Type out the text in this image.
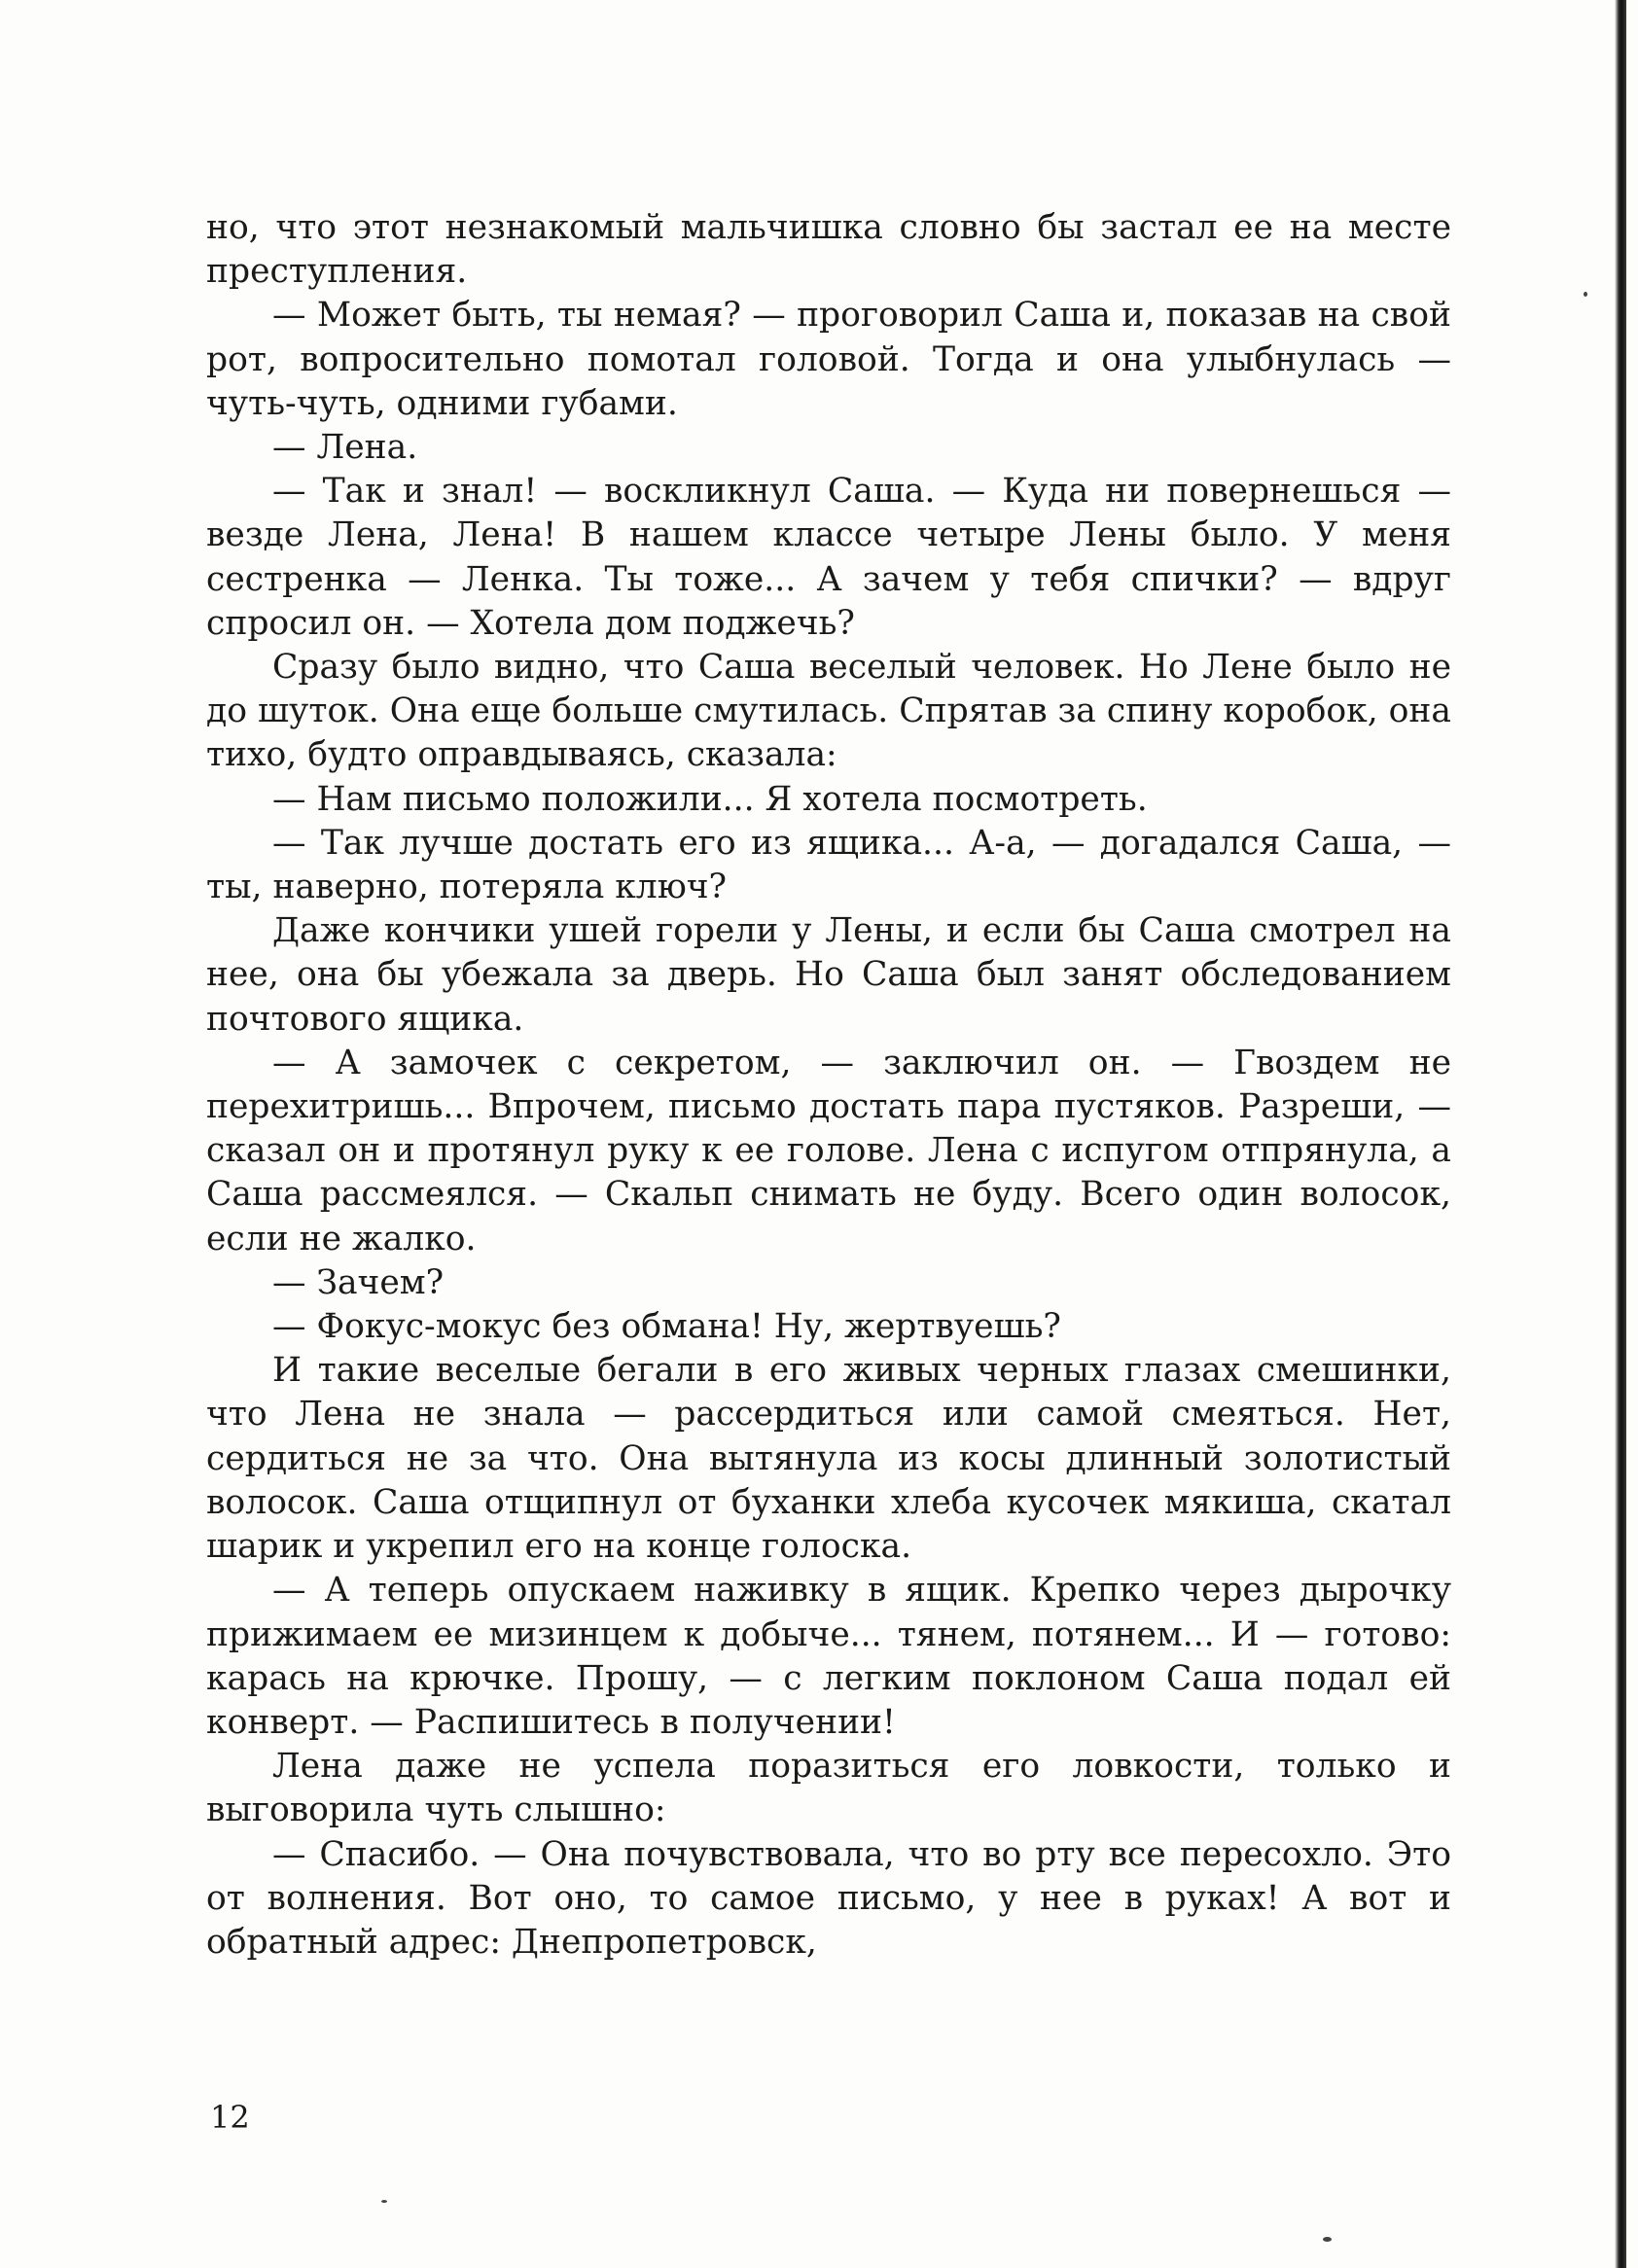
но, что этот незнакомый мальчишка словно бы застал ее на месте преступления.

— Может быть, ты немая? — проговорил Саша и, показав на свой рот, вопросительно помотал головой. Тогда и она улыбнулась — чуть-чуть, одними губами.

— Лена.

— Так и знал! — воскликнул Саша. — Куда ни повернешься — везде Лена, Лена! В нашем классе четыре Лены было. У меня сестренка — Ленка. Ты тоже... А зачем у тебя спички? — вдруг спросил он. — Хотела дом поджечь?

Сразу было видно, что Саша веселый человек. Но Лене было не до шуток. Она еще больше смутилась. Спрятав за спину коробок, она тихо, будто оправдываясь, сказала:

— Нам письмо положили... Я хотела посмотреть.

— Так лучше достать его из ящика... А-а, — догадался Саша, — ты, наверно, потеряла ключ?

Даже кончики ушей горели у Лены, и если бы Саша смотрел на нее, она бы убежала за дверь. Но Саша был занят обследованием почтового ящика.

— А замочек с секретом, — заключил он. — Гвоздем не перехитришь... Впрочем, письмо достать пара пустяков. Разреши, — сказал он и протянул руку к ее голове. Лена с испугом отпрянула, а Саша рассмеялся. — Скальп снимать не буду. Всего один волосок, если не жалко.

— Зачем?

— Фокус-мокус без обмана! Ну, жертвуешь?

И такие веселые бегали в его живых черных глазах смешинки, что Лена не знала — рассердиться или самой смеяться. Нет, сердиться не за что. Она вытянула из косы длинный золотистый волосок. Саша отщипнул от буханки хлеба кусочек мякиша, скатал шарик и укрепил его на конце голоска.

— А теперь опускаем наживку в ящик. Крепко через дырочку прижимаем ее мизинцем к добыче... тянем, потянем... И — готово: карась на крючке. Прошу, — с легким поклоном Саша подал ей конверт. — Распишитесь в получении!

Лена даже не успела поразиться его ловкости, только и выговорила чуть слышно:

— Спасибо. — Она почувствовала, что во рту все пересохло. Это от волнения. Вот оно, то самое письмо, у нее в руках! А вот и обратный адрес: Днепропетровск,

12
